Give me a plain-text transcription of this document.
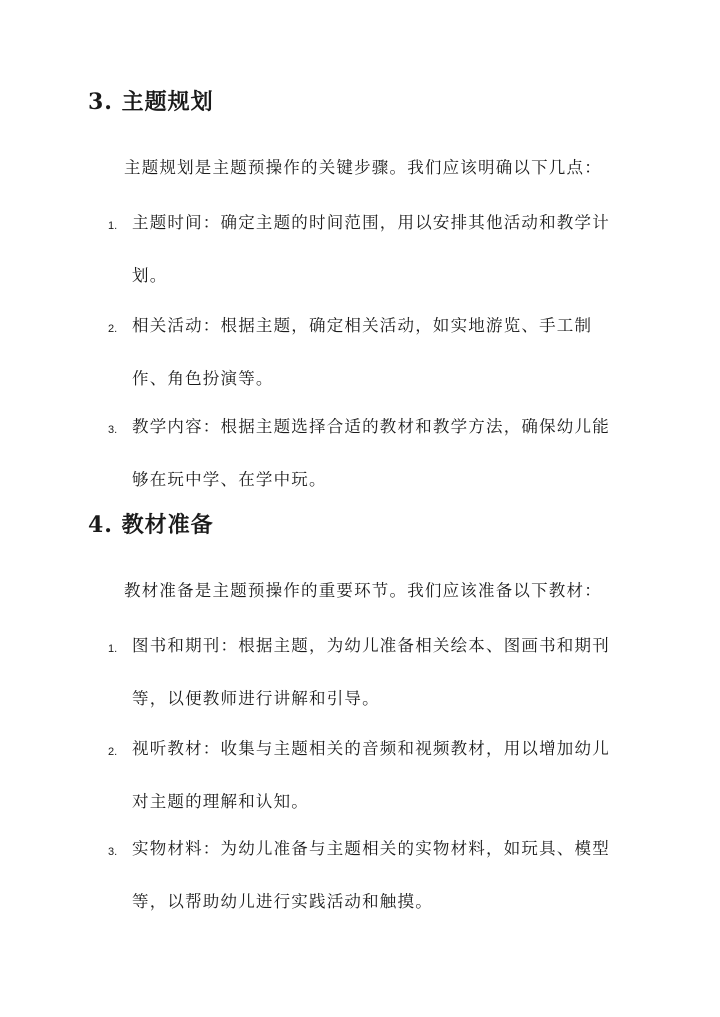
3. 主题规划

主题规划是主题预操作的关键步骤。我们应该明确以下几点：

1. 主题时间：确定主题的时间范围，用以安排其他活动和教学计划。

2. 相关活动：根据主题，确定相关活动，如实地游览、手工制作、角色扮演等。

3. 教学内容：根据主题选择合适的教材和教学方法，确保幼儿能够在玩中学、在学中玩。

4. 教材准备

教材准备是主题预操作的重要环节。我们应该准备以下教材：

1. 图书和期刊：根据主题，为幼儿准备相关绘本、图画书和期刊等，以便教师进行讲解和引导。

2. 视听教材：收集与主题相关的音频和视频教材，用以增加幼儿对主题的理解和认知。

3. 实物材料：为幼儿准备与主题相关的实物材料，如玩具、模型等，以帮助幼儿进行实践活动和触摸。
